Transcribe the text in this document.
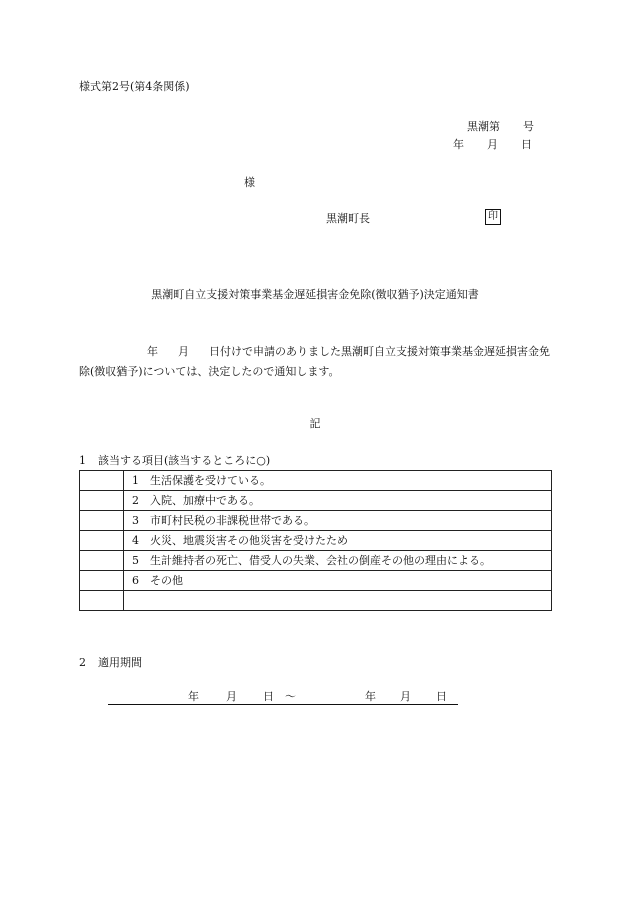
様式第2号(第4条関係)
黒潮第 号
年 月 日
様
黒潮町長	印
黒潮町自立支援対策事業基金遅延損害金免除(徴収猶予)決定通知書
年 月 日付けで申請のありました黒潮町自立支援対策事業基金遅延損害金免除(徴収猶予)については、決定したので通知します。
記
1 該当する項目(該当するところに○)
	1　生活保護を受けている。
	2　入院、加療中である。
	3　市町村民税の非課税世帯である。
	4　火災、地震災害その他災害を受けたため
	5　生計維持者の死亡、借受人の失業、会社の倒産その他の理由による。
	6　その他

2 適用期間
年 月 日 ～	年 月 日
